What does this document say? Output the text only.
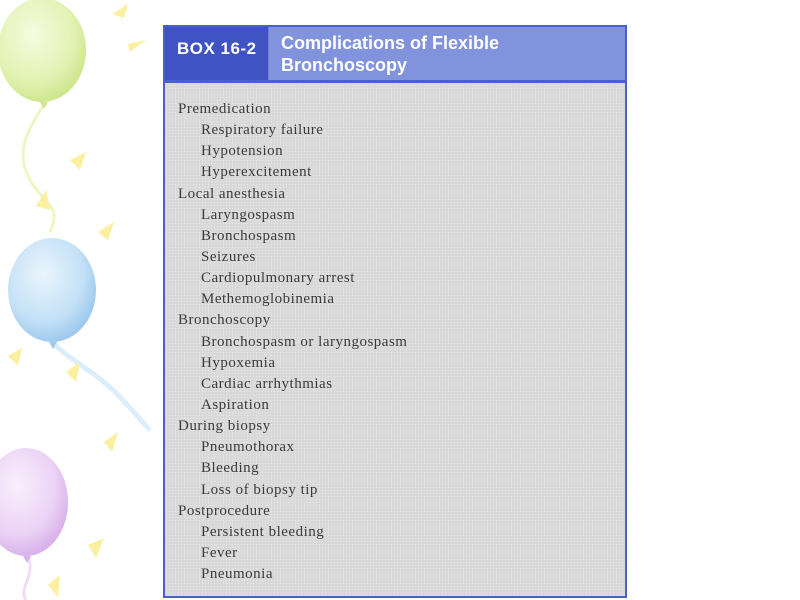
BOX 16-2 Complications of Flexible Bronchoscopy
Premedication
Respiratory failure
Hypotension
Hyperexcitement
Local anesthesia
Laryngospasm
Bronchospasm
Seizures
Cardiopulmonary arrest
Methemoglobinemia
Bronchoscopy
Bronchospasm or laryngospasm
Hypoxemia
Cardiac arrhythmias
Aspiration
During biopsy
Pneumothorax
Bleeding
Loss of biopsy tip
Postprocedure
Persistent bleeding
Fever
Pneumonia
